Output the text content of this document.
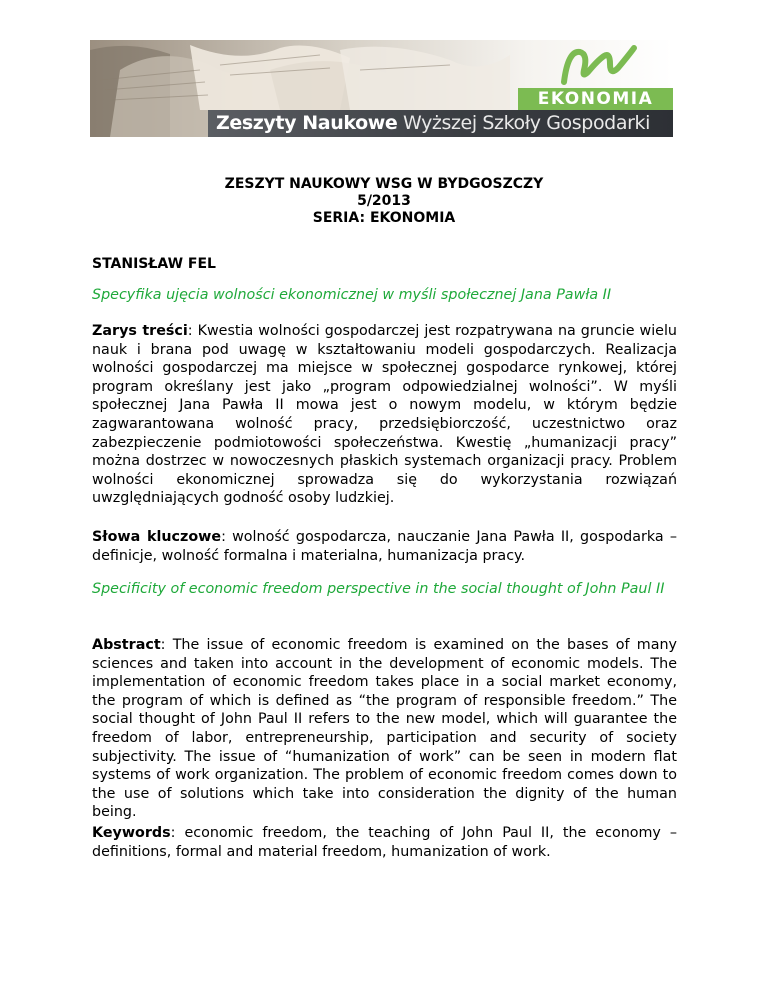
EKONOMIA
Zeszyty Naukowe Wyższej Szkoły Gospodarki
ZESZYT NAUKOWY WSG W BYDGOSZCZY
5/2013
SERIA: EKONOMIA
STANISŁAW FEL
Specyfika ujęcia wolności ekonomicznej w myśli społecznej Jana Pawła II
Zarys treści: Kwestia wolności gospodarczej jest rozpatrywana na gruncie wielu nauk i brana pod uwagę w kształtowaniu modeli gospodarczych. Realizacja wolności gospodarczej ma miejsce w społecznej gospodarce rynkowej, której program określany jest jako „program odpowiedzialnej wolności”. W myśli społecznej Jana Pawła II mowa jest o nowym modelu, w którym będzie zagwarantowana wolność pracy, przedsiębiorczość, uczestnictwo oraz zabezpieczenie podmiotowości społeczeństwa. Kwestię „humanizacji pracy” można dostrzec w nowoczesnych płaskich systemach organizacji pracy. Problem wolności ekonomicznej sprowadza się do wykorzystania rozwiązań uwzględniających godność osoby ludzkiej.
Słowa kluczowe: wolność gospodarcza, nauczanie Jana Pawła II, gospodarka – definicje, wolność formalna i materialna, humanizacja pracy.
Specificity of economic freedom perspective in the social thought of John Paul II
Abstract: The issue of economic freedom is examined on the bases of many sciences and taken into account in the development of economic models. The implementation of economic freedom takes place in a social market economy, the program of which is defined as “the program of responsible freedom.” The social thought of John Paul II refers to the new model, which will guarantee the freedom of labor, entrepreneurship, participation and security of society subjectivity. The issue of “humanization of work” can be seen in modern flat systems of work organization. The problem of economic freedom comes down to the use of solutions which take into consideration the dignity of the human being.
Keywords: economic freedom, the teaching of John Paul II, the economy – definitions, formal and material freedom, humanization of work.
